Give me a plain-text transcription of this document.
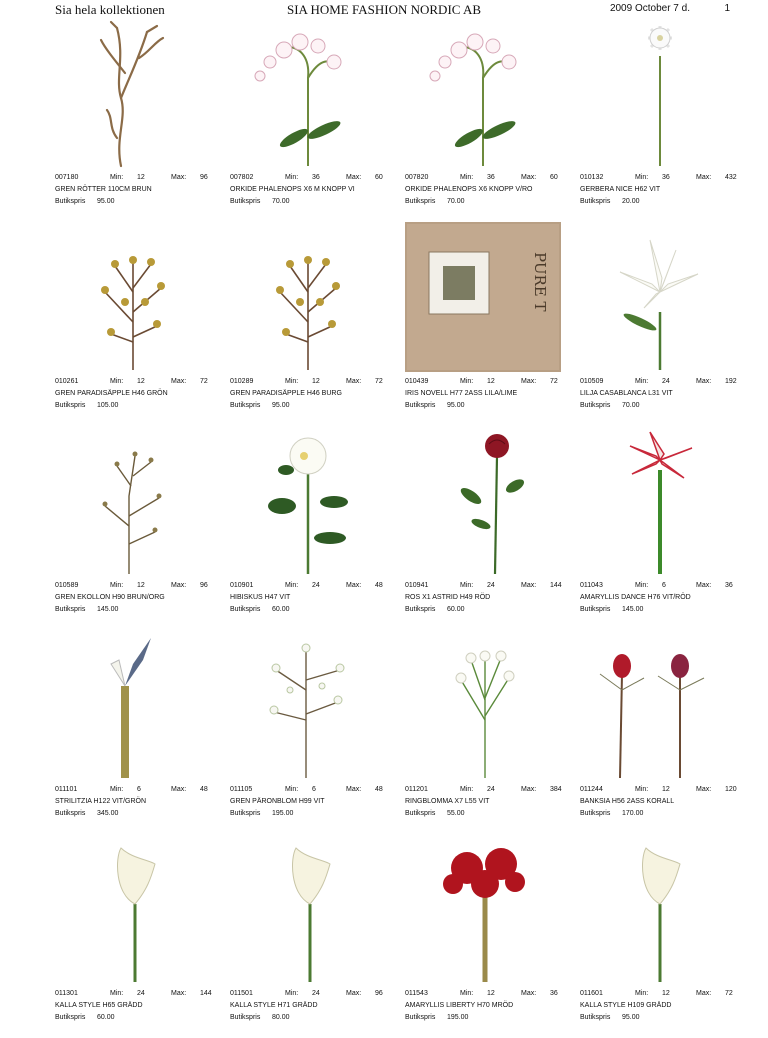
SIA HOME FASHION NORDIC AB
Sia hela kollektionen	2009 October 7 d.	1
007180	Min: 12	Max: 96
GREN RÖTTER 110CM BRUN
Butikspris 95.00
007802	Min: 36	Max: 60
ORKIDE PHALENOPS X6 M KNOPP VI
Butikspris 70.00
007820	Min: 36	Max: 60
ORKIDE PHALENOPS X6 KNOPP V/RO
Butikspris 70.00
010132	Min: 36	Max: 432
GERBERA NICE H62 VIT
Butikspris 20.00
010261	Min: 12	Max: 72
GREN PARADISÄPPLE H46 GRÖN
Butikspris 105.00
010289	Min: 12	Max: 72
GREN PARADISÄPPLE H46 BURG
Butikspris 95.00
PURE T
010439	Min: 12	Max: 72
IRIS NOVELL H77 2ASS LILA/LIME
Butikspris 95.00
010509	Min: 24	Max: 192
LILJA CASABLANCA L31 VIT
Butikspris 70.00
010589	Min: 12	Max: 96
GREN EKOLLON H90 BRUN/ORG
Butikspris 145.00
010901	Min: 24	Max: 48
HIBISKUS H47 VIT
Butikspris 60.00
010941	Min: 24	Max: 144
ROS X1 ASTRID H49 RÖD
Butikspris 60.00
011043	Min: 6	Max: 36
AMARYLLIS DANCE H76 VIT/RÖD
Butikspris 145.00
011101	Min: 6	Max: 48
STRILITZIA H122 VIT/GRÖN
Butikspris 345.00
011105	Min: 6	Max: 48
GREN PÄRONBLOM H99 VIT
Butikspris 195.00
011201	Min: 24	Max: 384
RINGBLOMMA X7 L55 VIT
Butikspris 55.00
011244	Min: 12	Max: 120
BANKSIA H56 2ASS KORALL
Butikspris 170.00
011301	Min: 24	Max: 144
KALLA STYLE H65 GRÄDD
Butikspris 60.00
011501	Min: 24	Max: 96
KALLA STYLE H71 GRÄDD
Butikspris 80.00
011543	Min: 12	Max: 36
AMARYLLIS LIBERTY H70 MRÖD
Butikspris 195.00
011601	Min: 12	Max: 72
KALLA STYLE H109 GRÄDD
Butikspris 95.00
